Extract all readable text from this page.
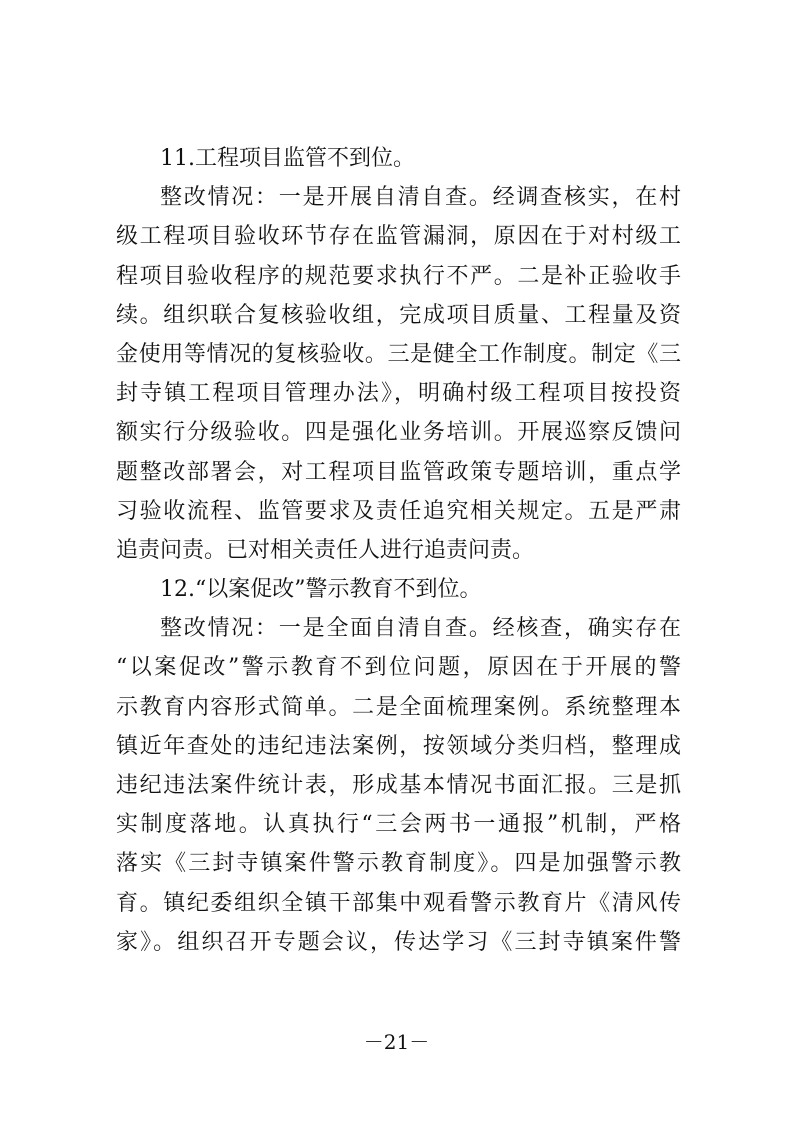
11.工程项目监管不到位。
整改情况：一是开展自清自查。经调查核实，在村
级工程项目验收环节存在监管漏洞，原因在于对村级工
程项目验收程序的规范要求执行不严。二是补正验收手
续。组织联合复核验收组，完成项目质量、工程量及资
金使用等情况的复核验收。三是健全工作制度。制定《三
封寺镇工程项目管理办法》，明确村级工程项目按投资
额实行分级验收。四是强化业务培训。开展巡察反馈问
题整改部署会，对工程项目监管政策专题培训，重点学
习验收流程、监管要求及责任追究相关规定。五是严肃
追责问责。已对相关责任人进行追责问责。
12.“以案促改”警示教育不到位。
整改情况：一是全面自清自查。经核查，确实存在
“以案促改”警示教育不到位问题，原因在于开展的警
示教育内容形式简单。二是全面梳理案例。系统整理本
镇近年查处的违纪违法案例，按领域分类归档，整理成
违纪违法案件统计表，形成基本情况书面汇报。三是抓
实制度落地。认真执行“三会两书一通报”机制，严格
落实《三封寺镇案件警示教育制度》。四是加强警示教
育。镇纪委组织全镇干部集中观看警示教育片《清风传
家》。组织召开专题会议，传达学习《三封寺镇案件警
－21－
